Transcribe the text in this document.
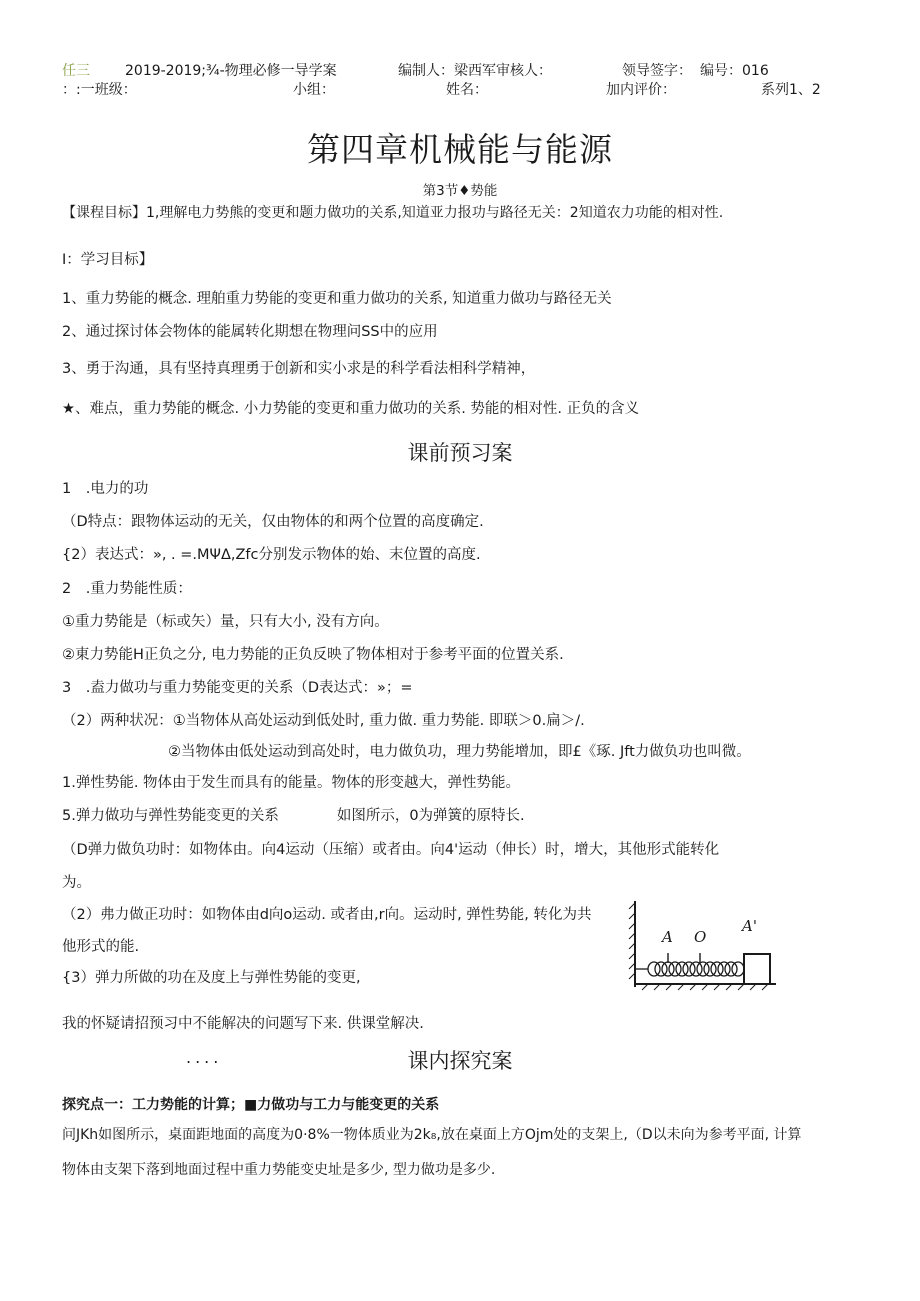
任三	2019-2019;¾-物理必修一导学案	编制人：梁西军审核人：	领导签字： 编号：016
：:一班级：	小组：	姓名：	加内评价：	系列1、2
第四章机械能与能源
第3节♦势能
【课程目标】1,理解电力势熊的变更和题力做功的关系,知道亚力报功与路径无关：2知道农力功能的相对性.
I：学习目标】
1、重力势能的概念. 理舶重力势能的变更和重力做功的关系, 知道重力做功与路径无关
2、通过探讨体会物体的能属转化期想在物理问SS中的应用
3、勇于沟通，具有坚持真理勇于创新和实小求是的科学看法相科学精神，
★、难点，重力势能的概念. 小力势能的变更和重力做功的关系. 势能的相对性. 正负的含义
课前预习案
1　.电力的功
（D特点：跟物体运动的无关，仅由物体的和两个位置的高度确定.
{2）表达式：», . =.MΨΔ,Zfc分别发示物体的始、末位置的高度.
2　.重力势能性质：
①重力势能是（标或矢）量，只有大小, 没有方向。
②東力势能H正负之分, 电力势能的正负反映了物体相对于参考平面的位置关系.
3　.盍力做功与重力势能变更的关系（D表达式：»；=
（2）两种状况：①当物体从高处运动到低处时, 重力做. 重力势能. 即联＞0.扁＞/.
②当物体由低处运动到高处时，电力做负功，理力势能增加，即£《琢. Jft力做负功也叫微。
1.弹性势能. 物体由于发生而具有的能量。物体的形变越大，弹性势能。
5.弹力做功与弹性势能变更的关系　　　　如图所示，0为弹簧的原特长.
（D弹力做负功时：如物体由。向4运动（压缩）或者由。向4'运动（伸长）时，增大，其他形式能转化
为。
（2）弗力做正功时：如物体由d向o运动. 或者由,r向。运动时, 弹性势能, 转化为共
他形式的能.
{3）弹力所做的功在及度上与弹性势能的变更,
A O
A'
我的怀疑请招预习中不能解决的问题写下来. 供课堂解决.
....	课内探究案
探究点一：工力势能的计算；■力做功与工力与能变更的关系
问JKh如图所示，桌面距地面的高度为0·8%一物体质业为2k₈,放在桌面上方Ojm处的支架上,（D以未向为参考平面, 计算
物体由支架下落到地面过程中重力势能变史址是多少, 型力做功是多少.
